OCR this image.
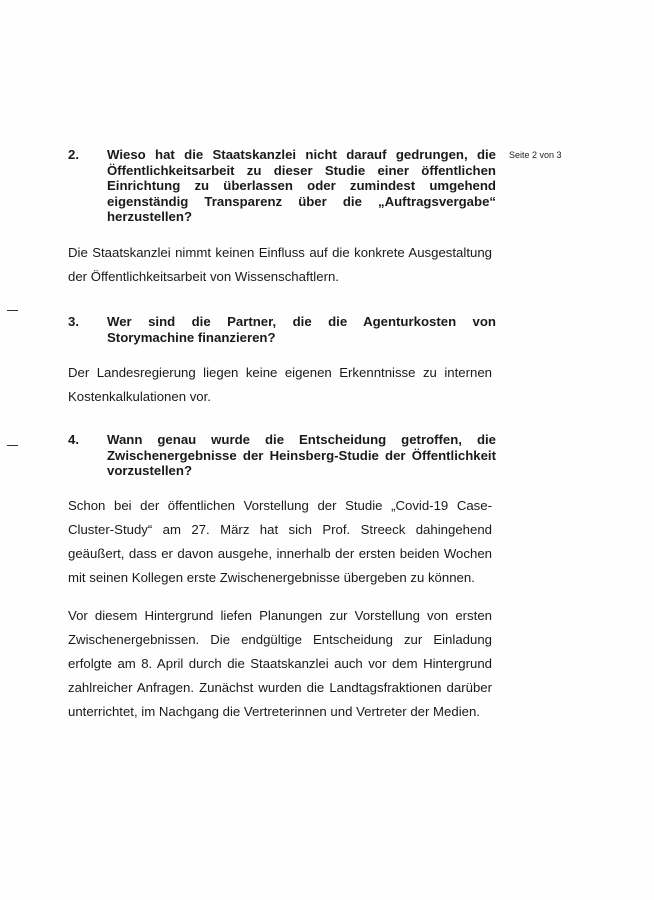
Seite 2 von 3
2. Wieso hat die Staatskanzlei nicht darauf gedrungen, die Öffentlichkeitsarbeit zu dieser Studie einer öffentlichen Einrichtung zu überlassen oder zumindest umgehend eigenständig Transparenz über die „Auftragsvergabe“ herzustellen?
Die Staatskanzlei nimmt keinen Einfluss auf die konkrete Ausgestaltung der Öffentlichkeitsarbeit von Wissenschaftlern.
3. Wer sind die Partner, die die Agenturkosten von Storymachine finanzieren?
Der Landesregierung liegen keine eigenen Erkenntnisse zu internen Kostenkalkulationen vor.
4. Wann genau wurde die Entscheidung getroffen, die Zwischenergebnisse der Heinsberg-Studie der Öffentlichkeit vorzustellen?
Schon bei der öffentlichen Vorstellung der Studie „Covid-19 Case-Cluster-Study“ am 27. März hat sich Prof. Streeck dahingehend geäußert, dass er davon ausgehe, innerhalb der ersten beiden Wochen mit seinen Kollegen erste Zwischenergebnisse übergeben zu können.
Vor diesem Hintergrund liefen Planungen zur Vorstellung von ersten Zwischenergebnissen. Die endgültige Entscheidung zur Einladung erfolgte am 8. April durch die Staatskanzlei auch vor dem Hintergrund zahlreicher Anfragen. Zunächst wurden die Landtagsfraktionen darüber unterrichtet, im Nachgang die Vertreterinnen und Vertreter der Medien.
